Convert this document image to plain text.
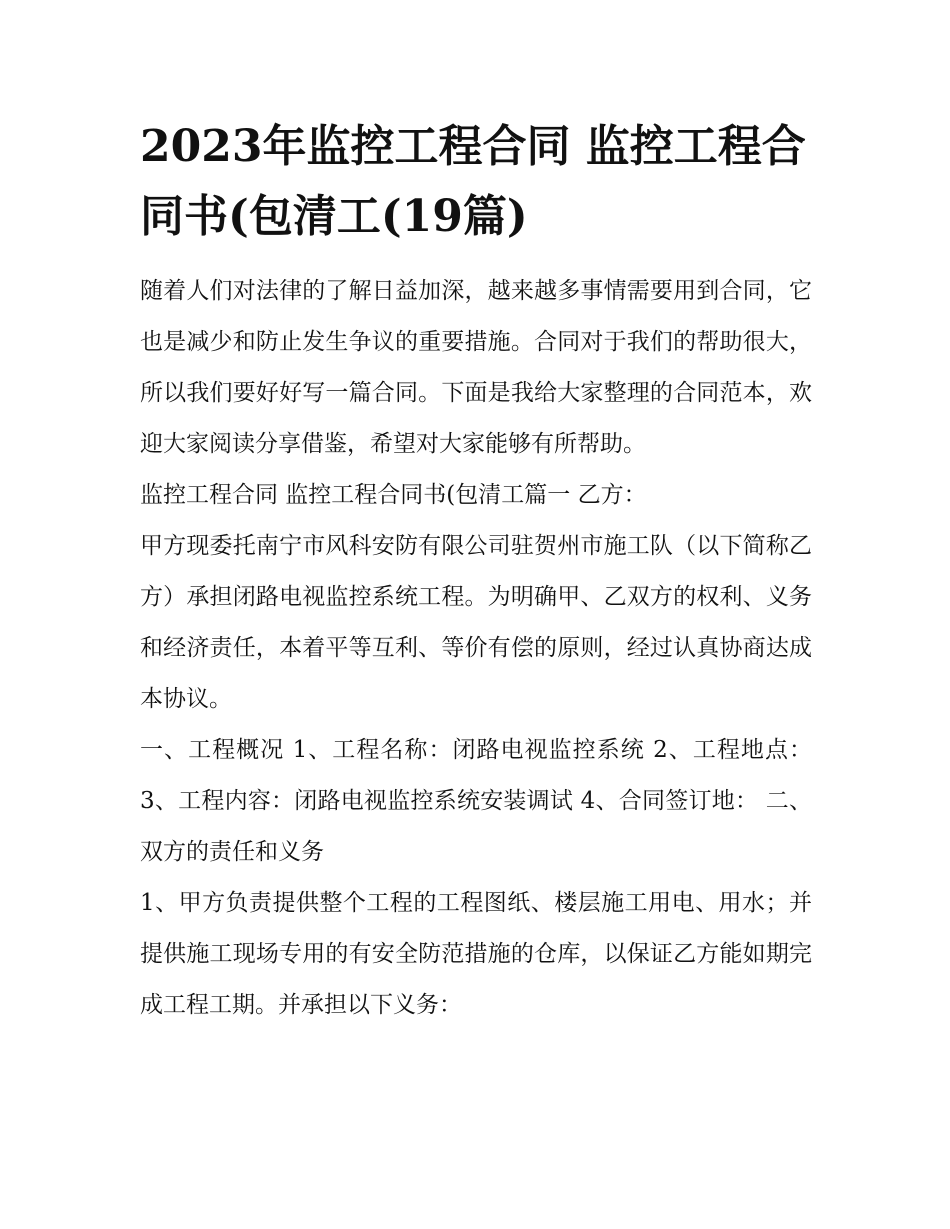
2023年监控工程合同 监控工程合同书(包清工(19篇)

随着人们对法律的了解日益加深，越来越多事情需要用到合同，它也是减少和防止发生争议的重要措施。合同对于我们的帮助很大，所以我们要好好写一篇合同。下面是我给大家整理的合同范本，欢迎大家阅读分享借鉴，希望对大家能够有所帮助。

监控工程合同 监控工程合同书(包清工篇一 乙方：

甲方现委托南宁市风科安防有限公司驻贺州市施工队（以下简称乙方）承担闭路电视监控系统工程。为明确甲、乙双方的权利、义务和经济责任，本着平等互利、等价有偿的原则，经过认真协商达成本协议。

一、工程概况 1、工程名称：闭路电视监控系统 2、工程地点： 3、工程内容：闭路电视监控系统安装调试 4、合同签订地： 二、双方的责任和义务

1、甲方负责提供整个工程的工程图纸、楼层施工用电、用水；并提供施工现场专用的有安全防范措施的仓库，以保证乙方能如期完成工程工期。并承担以下义务：
